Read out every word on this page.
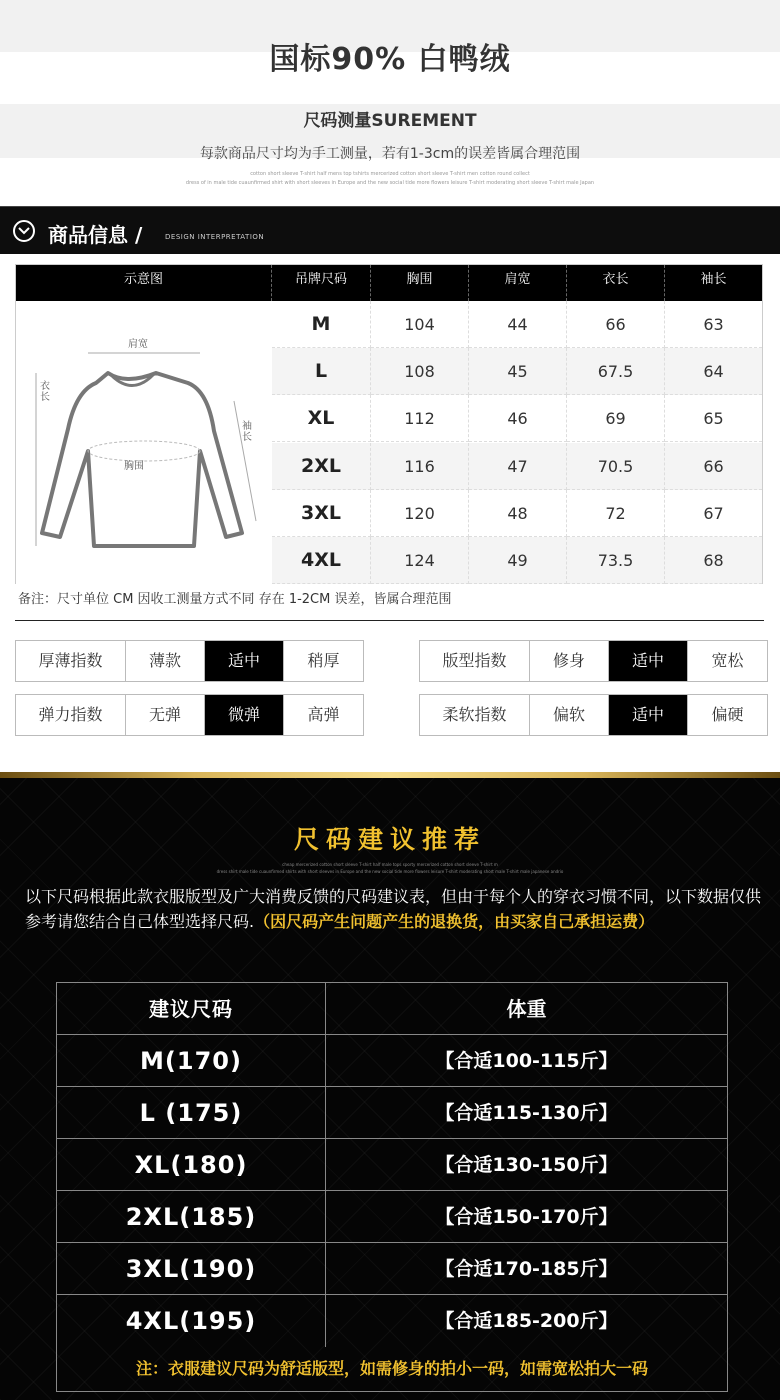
国标90% 白鸭绒
尺码测量SUREMENT
每款商品尺寸均为手工测量，若有1-3cm的误差皆属合理范围
cotton short sleeve T-shirt half mens top tshirts mercerized cotton short sleeve T-shirt men cotton round collect
dress of in male tide cuaunfirmed shirt with short sleeves in Europe and the new social tide more flowers leisure T-shirt moderating short sleeve T-shirt male Japan
商品信息 /	DESIGN INTERPRETATION
示意图	吊牌尺码	胸围	肩宽	衣长	袖长
肩宽
衣长
胸围
袖长
M	104	44	66	63
L	108	45	67.5	64
XL	112	46	69	65
2XL	116	47	70.5	66
3XL	120	48	72	67
4XL	124	49	73.5	68
备注：尺寸单位 CM 因收工测量方式不同 存在 1-2CM 误差，皆属合理范围
厚薄指数	薄款	适中	稍厚	版型指数	修身	适中	宽松
弹力指数	无弹	微弹	高弹	柔软指数	偏软	适中	偏硬
尺码建议推荐
cheap mercerized cotton short sleeve T-shirt half male tops sporty mercerized cotton short sleeve T-shirt m
dress shirt male tide cuaunfirmed shirts with short sleeves in Europe and the new social tide more flowers leisure T-shirt moderating short male T-shirt male japanese andrio
以下尺码根据此款衣服版型及广大消费反馈的尺码建议表，但由于每个人的穿衣习惯不同，以下数据仅供参考请您结合自己体型选择尺码.（因尺码产生问题产生的退换货，由买家自己承担运费）
建议尺码	体重
M(170)	【合适100-115斤】
L (175)	【合适115-130斤】
XL(180)	【合适130-150斤】
2XL(185)	【合适150-170斤】
3XL(190)	【合适170-185斤】
4XL(195)	【合适185-200斤】
注：衣服建议尺码为舒适版型，如需修身的拍小一码，如需宽松拍大一码
